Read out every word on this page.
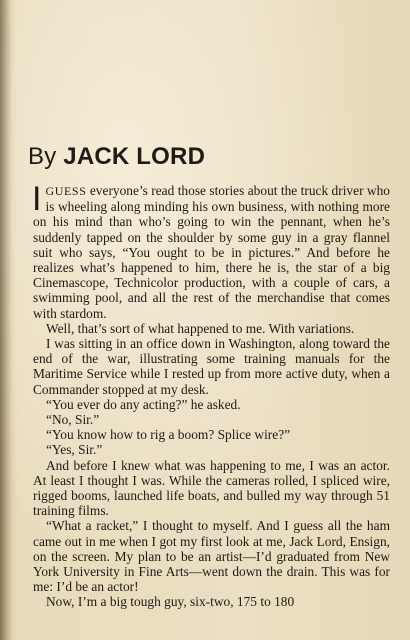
By JACK LORD

IGUESS everyone’s read those stories about the truck driver who is wheeling along minding his own business, with nothing more on his mind than who’s going to win the pennant, when he’s suddenly tapped on the shoulder by some guy in a gray flannel suit who says, “You ought to be in pictures.” And before he realizes what’s happened to him, there he is, the star of a big Cinemascope, Technicolor production, with a couple of cars, a swimming pool, and all the rest of the merchandise that comes with stardom.

Well, that’s sort of what happened to me. With variations.

I was sitting in an office down in Washington, along toward the end of the war, illustrating some training manuals for the Maritime Service while I rested up from more active duty, when a Commander stopped at my desk.

“You ever do any acting?” he asked.

“No, Sir.”

“You know how to rig a boom? Splice wire?”

“Yes, Sir.”

And before I knew what was happening to me, I was an actor. At least I thought I was. While the cameras rolled, I spliced wire, rigged booms, launched life boats, and bulled my way through 51 training films.

“What a racket,” I thought to myself. And I guess all the ham came out in me when I got my first look at me, Jack Lord, Ensign, on the screen. My plan to be an artist—I’d graduated from New York University in Fine Arts—went down the drain. This was for me: I’d be an actor!

Now, I’m a big tough guy, six-two, 175 to 180
